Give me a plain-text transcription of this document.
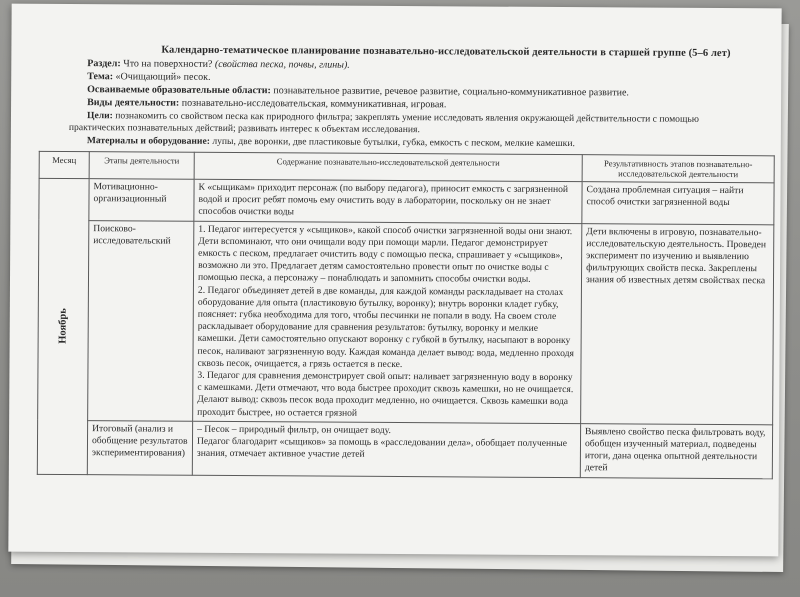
Календарно-тематическое планирование познавательно-исследовательской деятельности в старшей группе (5–6 лет)
Раздел: Что на поверхности? (свойства песка, почвы, глины).
Тема: «Очищающий» песок.
Осваиваемые образовательные области: познавательное развитие, речевое развитие, социально-коммуникативное развитие.
Виды деятельности: познавательно-исследовательская, коммуникативная, игровая.
Цели: познакомить со свойством песка как природного фильтра; закреплять умение исследовать явления окружающей действительности с помощью
практических познавательных действий; развивать интерес к объектам исследования.
Материалы и оборудование: лупы, две воронки, две пластиковые бутылки, губка, емкость с песком, мелкие камешки.
Месяц	Этапы деятельности	Содержание познавательно-исследовательской деятельности	Результативность этапов познавательно-исследовательской деятельности

Ноябрь	Мотивационно-организационный	К «сыщикам» приходит персонаж (по выбору педагога), приносит емкость с загрязненной водой и просит ребят помочь ему очистить воду в лаборатории, поскольку он не знает способов очистки воды	Создана проблемная ситуация – найти способ очистки загрязненной воды
	Поисково-исследовательский	1. Педагог интересуется у «сыщиков», какой способ очистки загрязненной воды они знают. Дети вспоминают, что они очищали воду при помощи марли. Педагог демонстрирует емкость с песком, предлагает очистить воду с помощью песка, спрашивает у «сыщиков», возможно ли это. Предлагает детям самостоятельно провести опыт по очистке воды с помощью песка, а персонажу – понаблюдать и запомнить способы очистки воды.

2. Педагог объединяет детей в две команды, для каждой команды раскладывает на столах оборудование для опыта (пластиковую бутылку, воронку); внутрь воронки кладет губку, поясняет: губка необходима для того, чтобы песчинки не попали в воду. На своем столе раскладывает оборудование для сравнения результатов: бутылку, воронку и мелкие камешки. Дети самостоятельно опускают воронку с губкой в бутылку, насыпают в воронку песок, наливают загрязненную воду. Каждая команда делает вывод: вода, медленно проходя сквозь песок, очищается, а грязь остается в песке.

3. Педагог для сравнения демонстрирует свой опыт: наливает загрязненную воду в воронку с камешками. Дети отмечают, что вода быстрее проходит сквозь камешки, но не очищается. Делают вывод: сквозь песок вода проходит медленно, но очищается. Сквозь камешки вода проходит быстрее, но остается грязной	Дети включены в игровую, познавательно-исследовательскую деятельность. Проведен эксперимент по изучению и выявлению фильтрующих свойств песка. Закреплены знания об известных детям свойствах песка
	Итоговый (анализ и обобщение результатов экспериментирования)	– Песок – природный фильтр, он очищает воду.

Педагог благодарит «сыщиков» за помощь в «расследовании дела», обобщает полученные знания, отмечает активное участие детей	Выявлено свойство песка фильтровать воду, обобщен изученный материал, подведены итоги, дана оценка опытной деятельности детей
